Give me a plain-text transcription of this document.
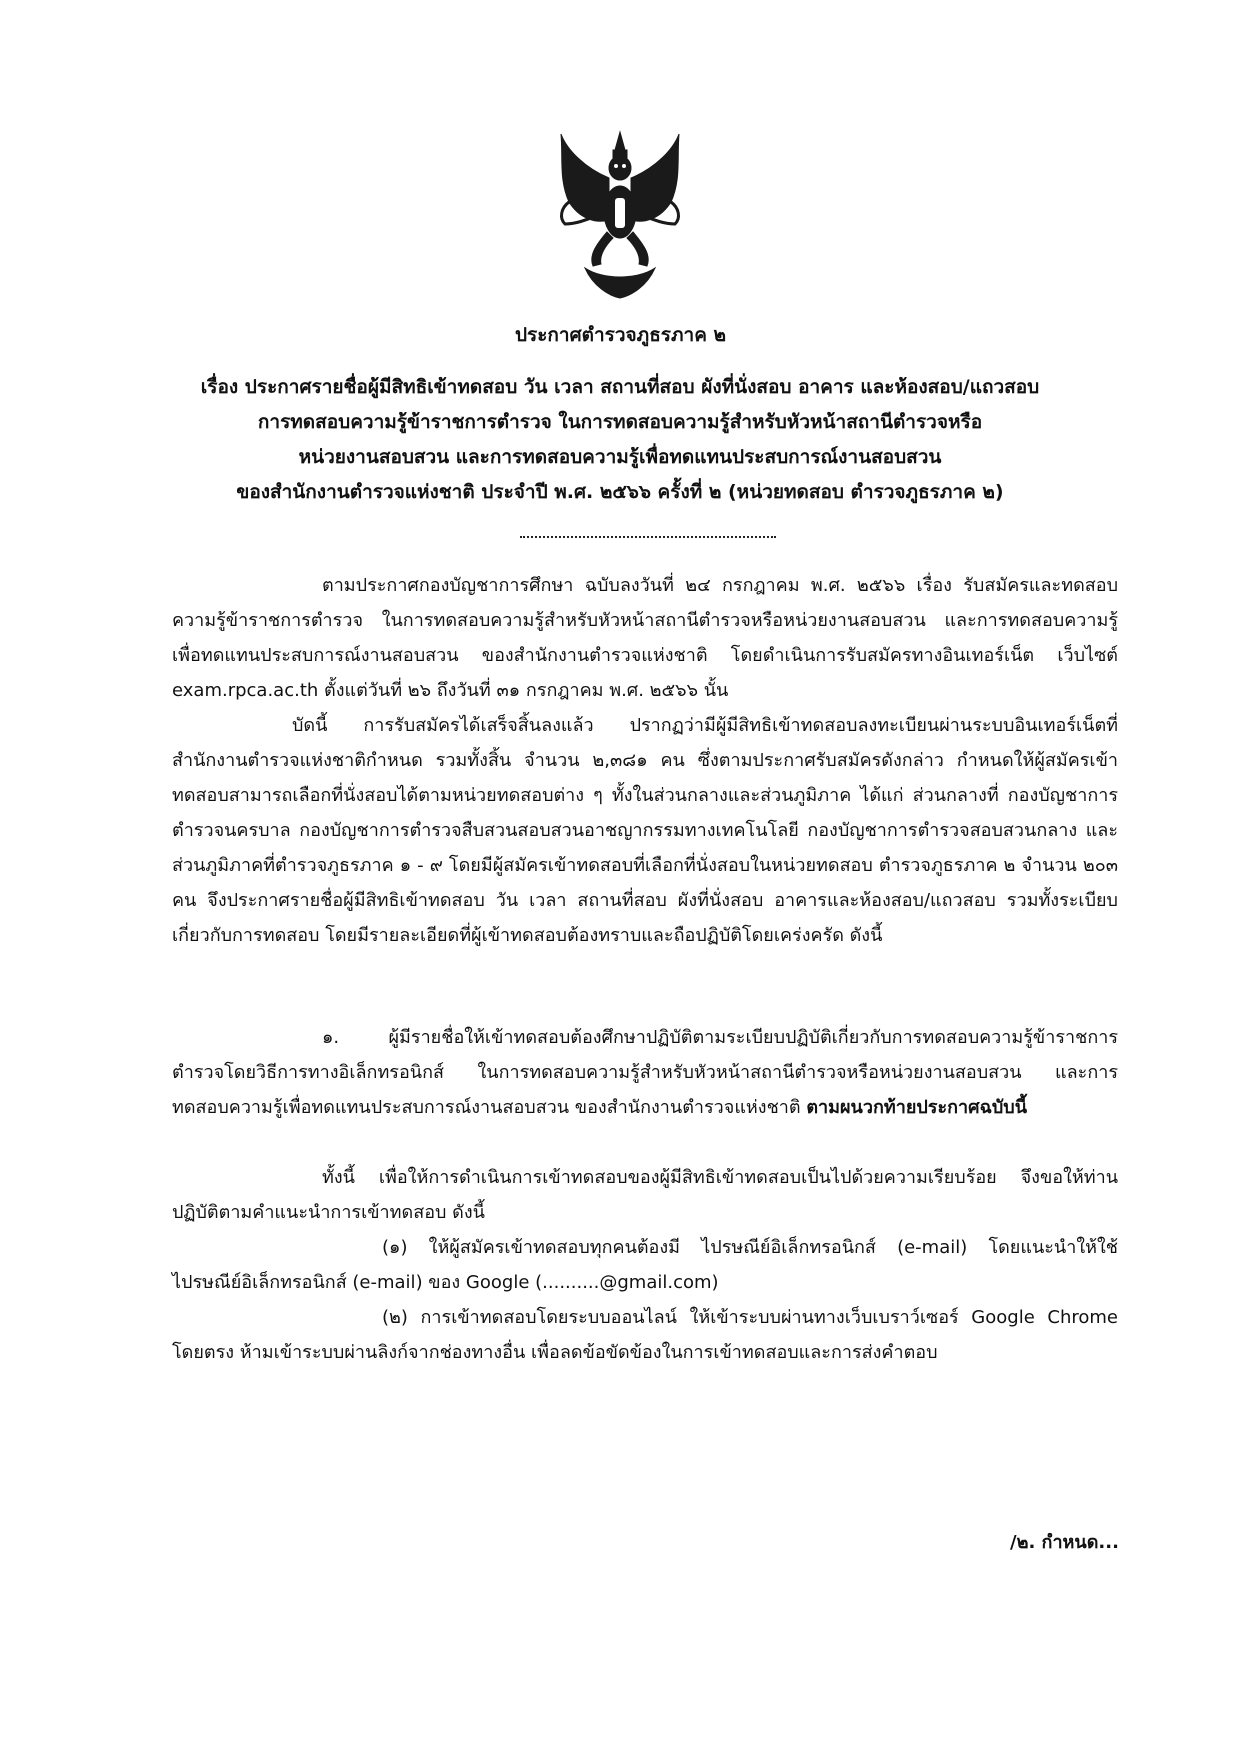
ประกาศตำรวจภูธรภาค ๒
เรื่อง ประกาศรายชื่อผู้มีสิทธิเข้าทดสอบ วัน เวลา สถานที่สอบ ผังที่นั่งสอบ อาคาร และห้องสอบ/แถวสอบ
การทดสอบความรู้ข้าราชการตำรวจ ในการทดสอบความรู้สำหรับหัวหน้าสถานีตำรวจหรือ
หน่วยงานสอบสวน และการทดสอบความรู้เพื่อทดแทนประสบการณ์งานสอบสวน
ของสำนักงานตำรวจแห่งชาติ ประจำปี พ.ศ. ๒๕๖๖ ครั้งที่ ๒ (หน่วยทดสอบ ตำรวจภูธรภาค ๒)

ตามประกาศกองบัญชาการศึกษา ฉบับลงวันที่ ๒๔ กรกฎาคม พ.ศ. ๒๕๖๖ เรื่อง รับสมัครและทดสอบความรู้ข้าราชการตำรวจ ในการทดสอบความรู้สำหรับหัวหน้าสถานีตำรวจหรือหน่วยงานสอบสวน และการทดสอบความรู้เพื่อทดแทนประสบการณ์งานสอบสวน ของสำนักงานตำรวจแห่งชาติ โดยดำเนินการรับสมัครทางอินเทอร์เน็ต เว็บไซต์ exam.rpca.ac.th ตั้งแต่วันที่ ๒๖ ถึงวันที่ ๓๑ กรกฎาคม พ.ศ. ๒๕๖๖ นั้น

บัดนี้ การรับสมัครได้เสร็จสิ้นลงแล้ว ปรากฏว่ามีผู้มีสิทธิเข้าทดสอบลงทะเบียนผ่านระบบอินเทอร์เน็ตที่สำนักงานตำรวจแห่งชาติกำหนด รวมทั้งสิ้น จำนวน ๒,๓๘๑ คน ซึ่งตามประกาศรับสมัครดังกล่าว กำหนดให้ผู้สมัครเข้าทดสอบสามารถเลือกที่นั่งสอบได้ตามหน่วยทดสอบต่าง ๆ ทั้งในส่วนกลางและส่วนภูมิภาค ได้แก่ ส่วนกลางที่ กองบัญชาการตำรวจนครบาล กองบัญชาการตำรวจสืบสวนสอบสวนอาชญากรรมทางเทคโนโลยี กองบัญชาการตำรวจสอบสวนกลาง และส่วนภูมิภาคที่ตำรวจภูธรภาค ๑ - ๙ โดยมีผู้สมัครเข้าทดสอบที่เลือกที่นั่งสอบในหน่วยทดสอบ ตำรวจภูธรภาค ๒ จำนวน ๒๐๓ คน จึงประกาศรายชื่อผู้มีสิทธิเข้าทดสอบ วัน เวลา สถานที่สอบ ผังที่นั่งสอบ อาคารและห้องสอบ/แถวสอบ รวมทั้งระเบียบเกี่ยวกับการทดสอบ โดยมีรายละเอียดที่ผู้เข้าทดสอบต้องทราบและถือปฏิบัติโดยเคร่งครัด ดังนี้

๑. ผู้มีรายชื่อให้เข้าทดสอบต้องศึกษาปฏิบัติตามระเบียบปฏิบัติเกี่ยวกับการทดสอบความรู้ข้าราชการตำรวจโดยวิธีการทางอิเล็กทรอนิกส์ ในการทดสอบความรู้สำหรับหัวหน้าสถานีตำรวจหรือหน่วยงานสอบสวน และการทดสอบความรู้เพื่อทดแทนประสบการณ์งานสอบสวน ของสำนักงานตำรวจแห่งชาติ ตามผนวกท้ายประกาศฉบับนี้

ทั้งนี้ เพื่อให้การดำเนินการเข้าทดสอบของผู้มีสิทธิเข้าทดสอบเป็นไปด้วยความเรียบร้อย จึงขอให้ท่านปฏิบัติตามคำแนะนำการเข้าทดสอบ ดังนี้

(๑) ให้ผู้สมัครเข้าทดสอบทุกคนต้องมี ไปรษณีย์อิเล็กทรอนิกส์ (e-mail) โดยแนะนำให้ใช้ไปรษณีย์อิเล็กทรอนิกส์ (e-mail) ของ Google (..........@gmail.com)

(๒) การเข้าทดสอบโดยระบบออนไลน์ ให้เข้าระบบผ่านทางเว็บเบราว์เซอร์ Google Chrome โดยตรง ห้ามเข้าระบบผ่านลิงก์จากช่องทางอื่น เพื่อลดข้อขัดข้องในการเข้าทดสอบและการส่งคำตอบ

/๒. กำหนด...
